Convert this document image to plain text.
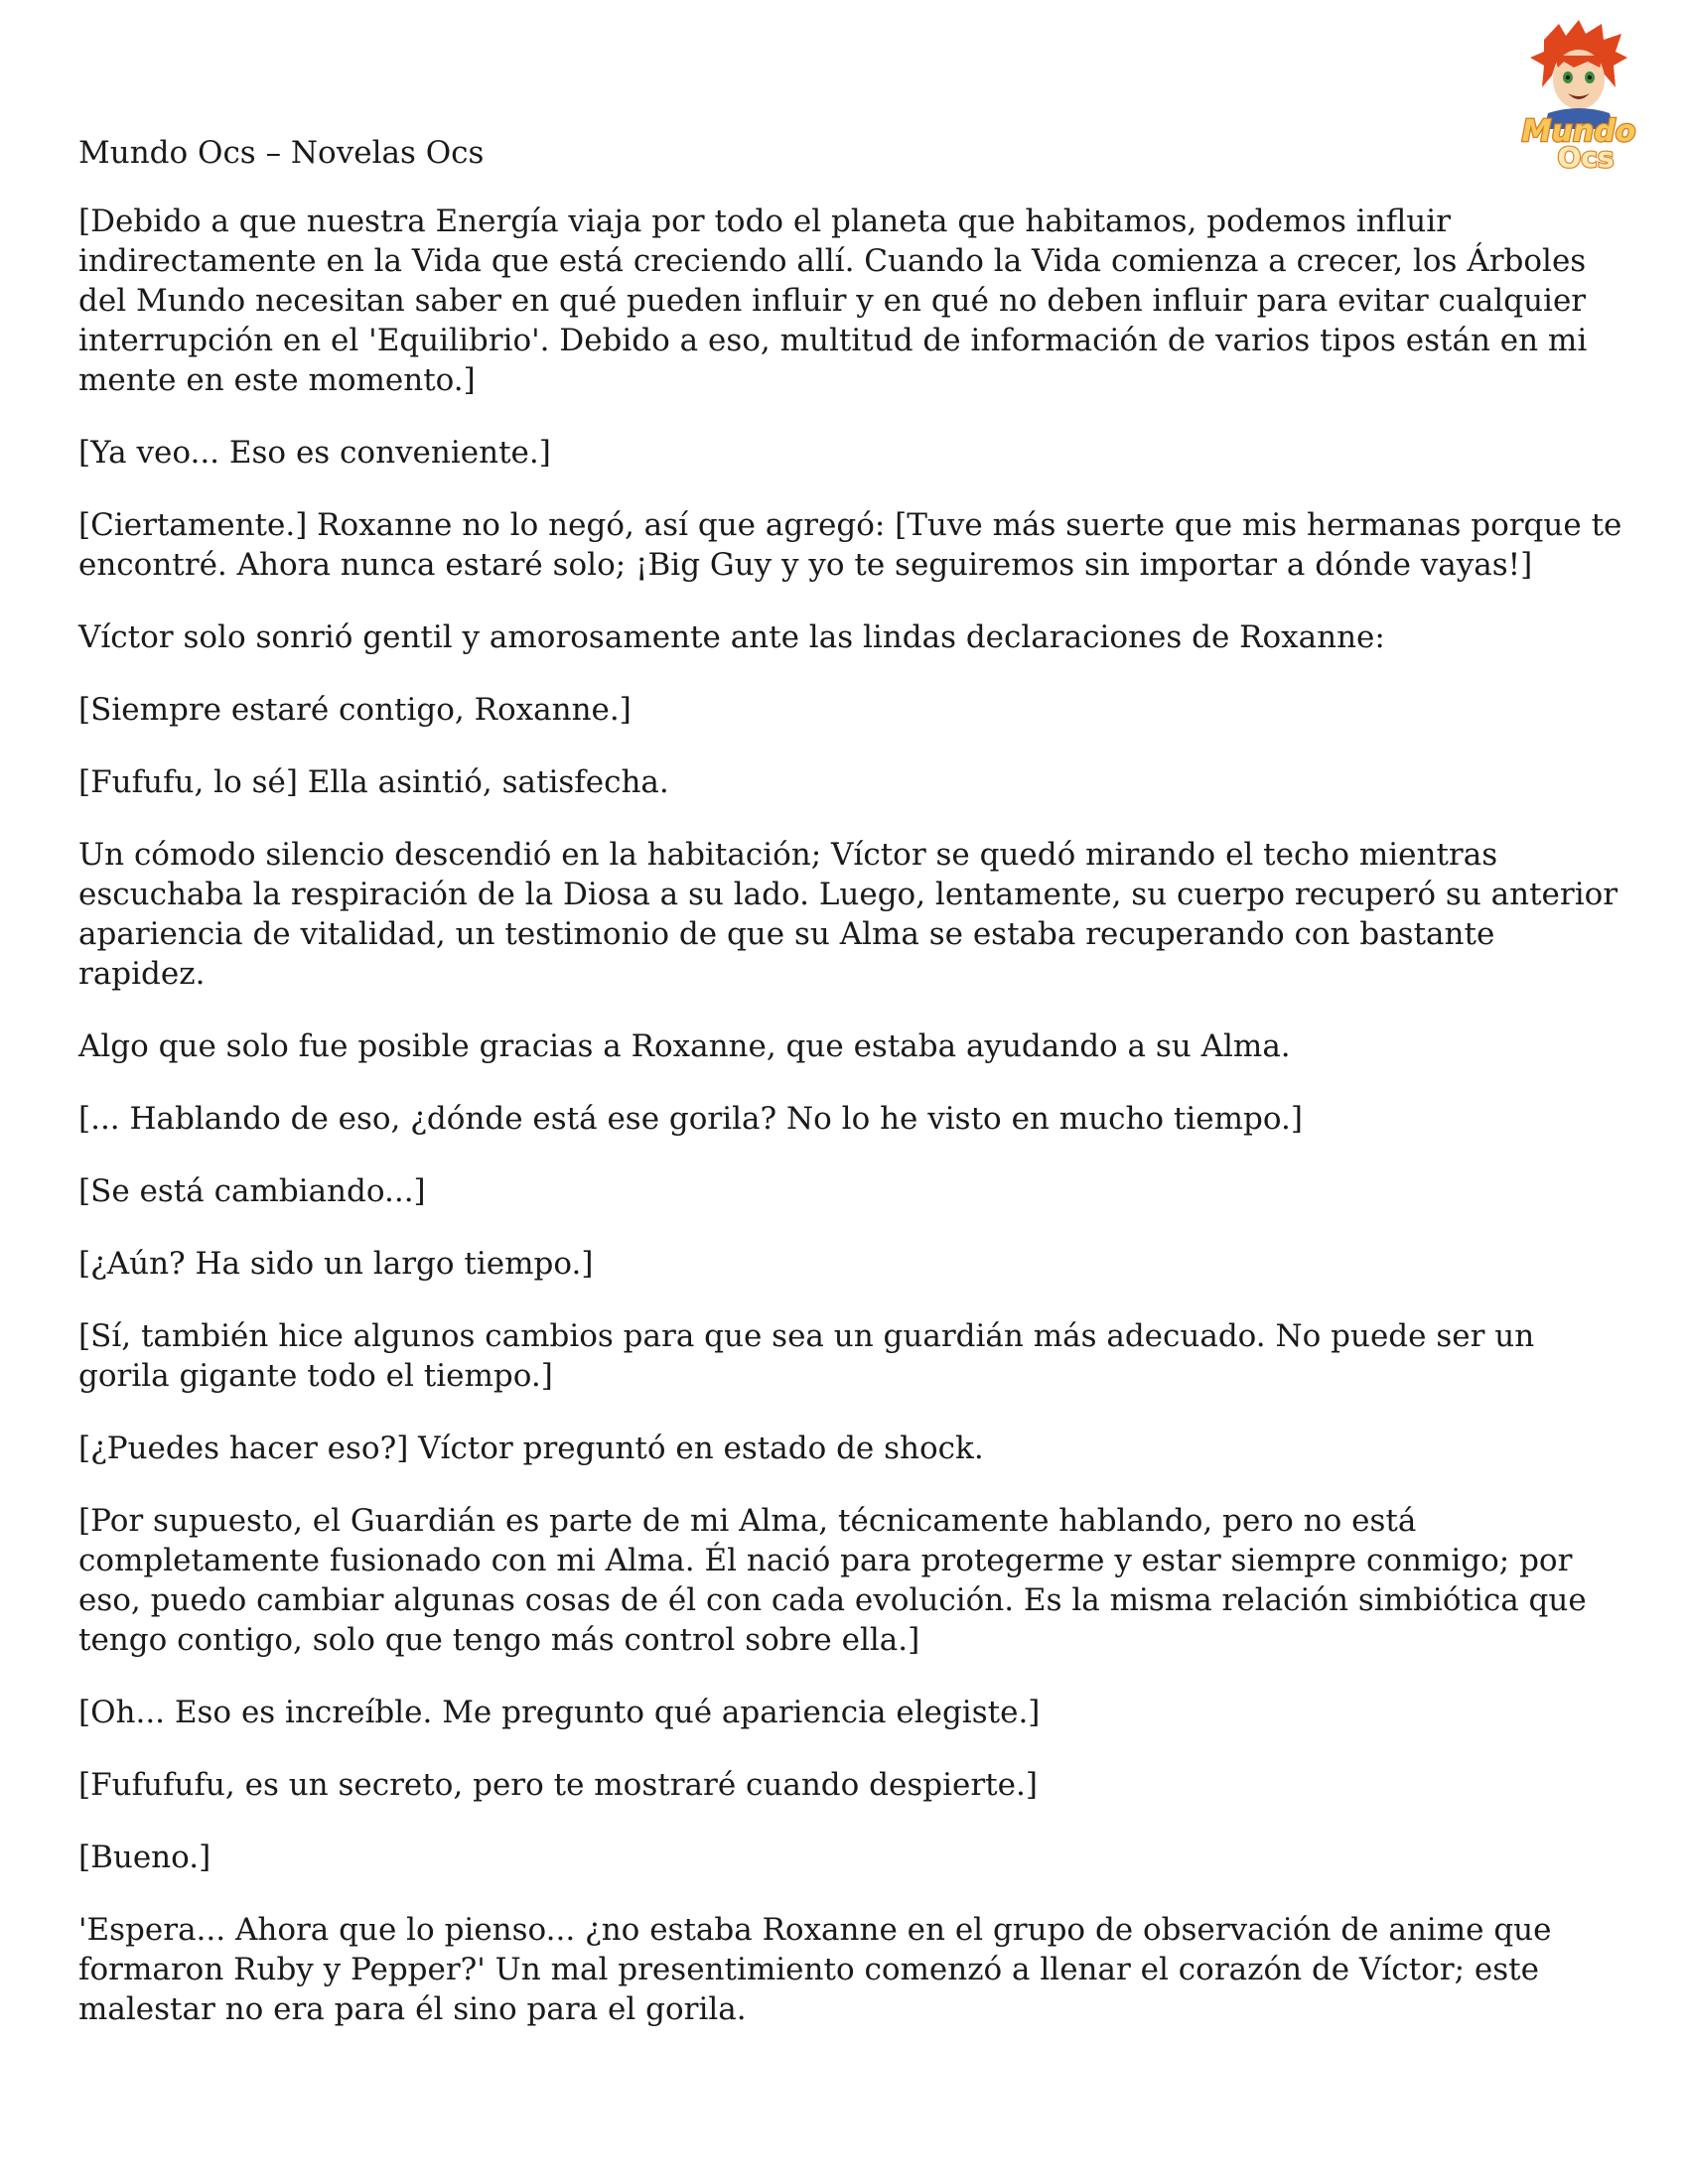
Mundo
Ocs
Mundo Ocs – Novelas Ocs

[Debido a que nuestra Energía viaja por todo el planeta que habitamos, podemos influir indirectamente en la Vida que está creciendo allí. Cuando la Vida comienza a crecer, los Árboles del Mundo necesitan saber en qué pueden influir y en qué no deben influir para evitar cualquier interrupción en el 'Equilibrio'. Debido a eso, multitud de información de varios tipos están en mi mente en este momento.]

[Ya veo... Eso es conveniente.]

[Ciertamente.] Roxanne no lo negó, así que agregó: [Tuve más suerte que mis hermanas porque te encontré. Ahora nunca estaré solo; ¡Big Guy y yo te seguiremos sin importar a dónde vayas!]

Víctor solo sonrió gentil y amorosamente ante las lindas declaraciones de Roxanne:

[Siempre estaré contigo, Roxanne.]

[Fufufu, lo sé] Ella asintió, satisfecha.

Un cómodo silencio descendió en la habitación; Víctor se quedó mirando el techo mientras escuchaba la respiración de la Diosa a su lado. Luego, lentamente, su cuerpo recuperó su anterior apariencia de vitalidad, un testimonio de que su Alma se estaba recuperando con bastante rapidez.

Algo que solo fue posible gracias a Roxanne, que estaba ayudando a su Alma.

[... Hablando de eso, ¿dónde está ese gorila? No lo he visto en mucho tiempo.]

[Se está cambiando...]

[¿Aún? Ha sido un largo tiempo.]

[Sí, también hice algunos cambios para que sea un guardián más adecuado. No puede ser un gorila gigante todo el tiempo.]

[¿Puedes hacer eso?] Víctor preguntó en estado de shock.

[Por supuesto, el Guardián es parte de mi Alma, técnicamente hablando, pero no está completamente fusionado con mi Alma. Él nació para protegerme y estar siempre conmigo; por eso, puedo cambiar algunas cosas de él con cada evolución. Es la misma relación simbiótica que tengo contigo, solo que tengo más control sobre ella.]

[Oh... Eso es increíble. Me pregunto qué apariencia elegiste.]

[Fufufufu, es un secreto, pero te mostraré cuando despierte.]

[Bueno.]

'Espera... Ahora que lo pienso... ¿no estaba Roxanne en el grupo de observación de anime que formaron Ruby y Pepper?' Un mal presentimiento comenzó a llenar el corazón de Víctor; este malestar no era para él sino para el gorila.
